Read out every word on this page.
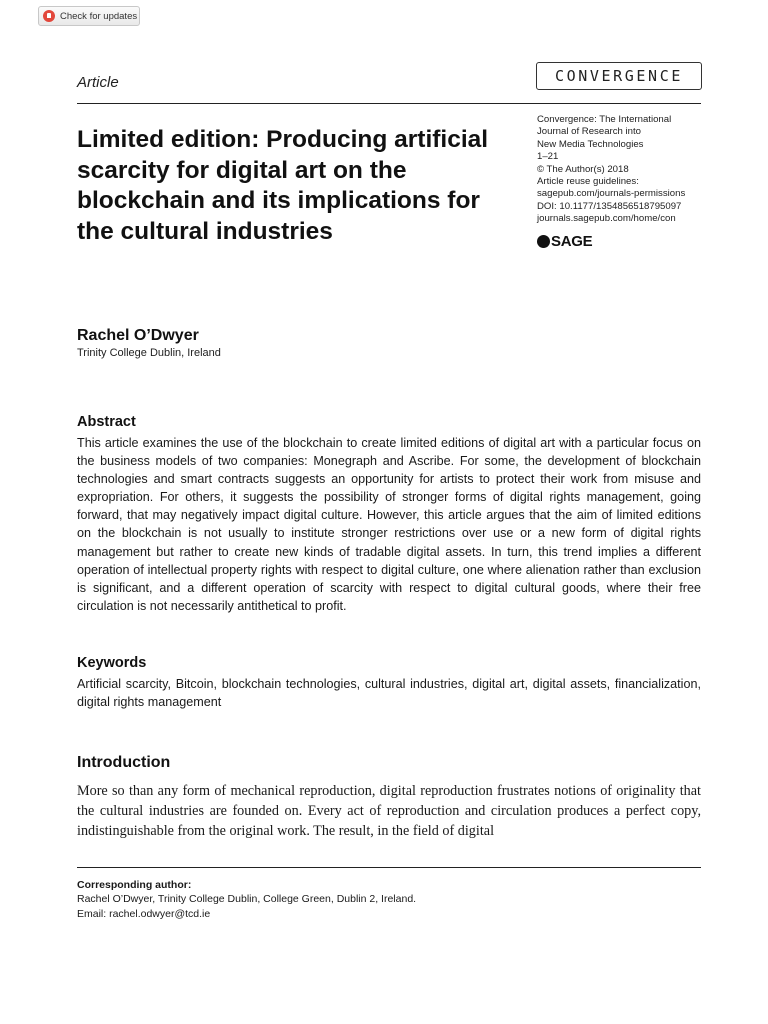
Check for updates
Article	CONVERGENCE
Limited edition: Producing artificial scarcity for digital art on the blockchain and its implications for the cultural industries
Convergence: The International
Journal of Research into
New Media Technologies
1–21
© The Author(s) 2018
Article reuse guidelines:
sagepub.com/journals-permissions
DOI: 10.1177/1354856518795097
journals.sagepub.com/home/con
SAGE
Rachel O’Dwyer
Trinity College Dublin, Ireland
Abstract

This article examines the use of the blockchain to create limited editions of digital art with a particular focus on the business models of two companies: Monegraph and Ascribe. For some, the development of blockchain technologies and smart contracts suggests an opportunity for artists to protect their work from misuse and expropriation. For others, it suggests the possibility of stronger forms of digital rights management, going forward, that may negatively impact digital culture. However, this article argues that the aim of limited editions on the blockchain is not usually to institute stronger restrictions over use or a new form of digital rights management but rather to create new kinds of tradable digital assets. In turn, this trend implies a different operation of intellectual property rights with respect to digital culture, one where alienation rather than exclusion is significant, and a different operation of scarcity with respect to digital cultural goods, where their free circulation is not necessarily antithetical to profit.

Keywords

Artificial scarcity, Bitcoin, blockchain technologies, cultural industries, digital art, digital assets, financialization, digital rights management

Introduction

More so than any form of mechanical reproduction, digital reproduction frustrates notions of originality that the cultural industries are founded on. Every act of reproduction and circulation produces a perfect copy, indistinguishable from the original work. The result, in the field of digital

Corresponding author:
Rachel O’Dwyer, Trinity College Dublin, College Green, Dublin 2, Ireland.
Email: rachel.odwyer@tcd.ie
